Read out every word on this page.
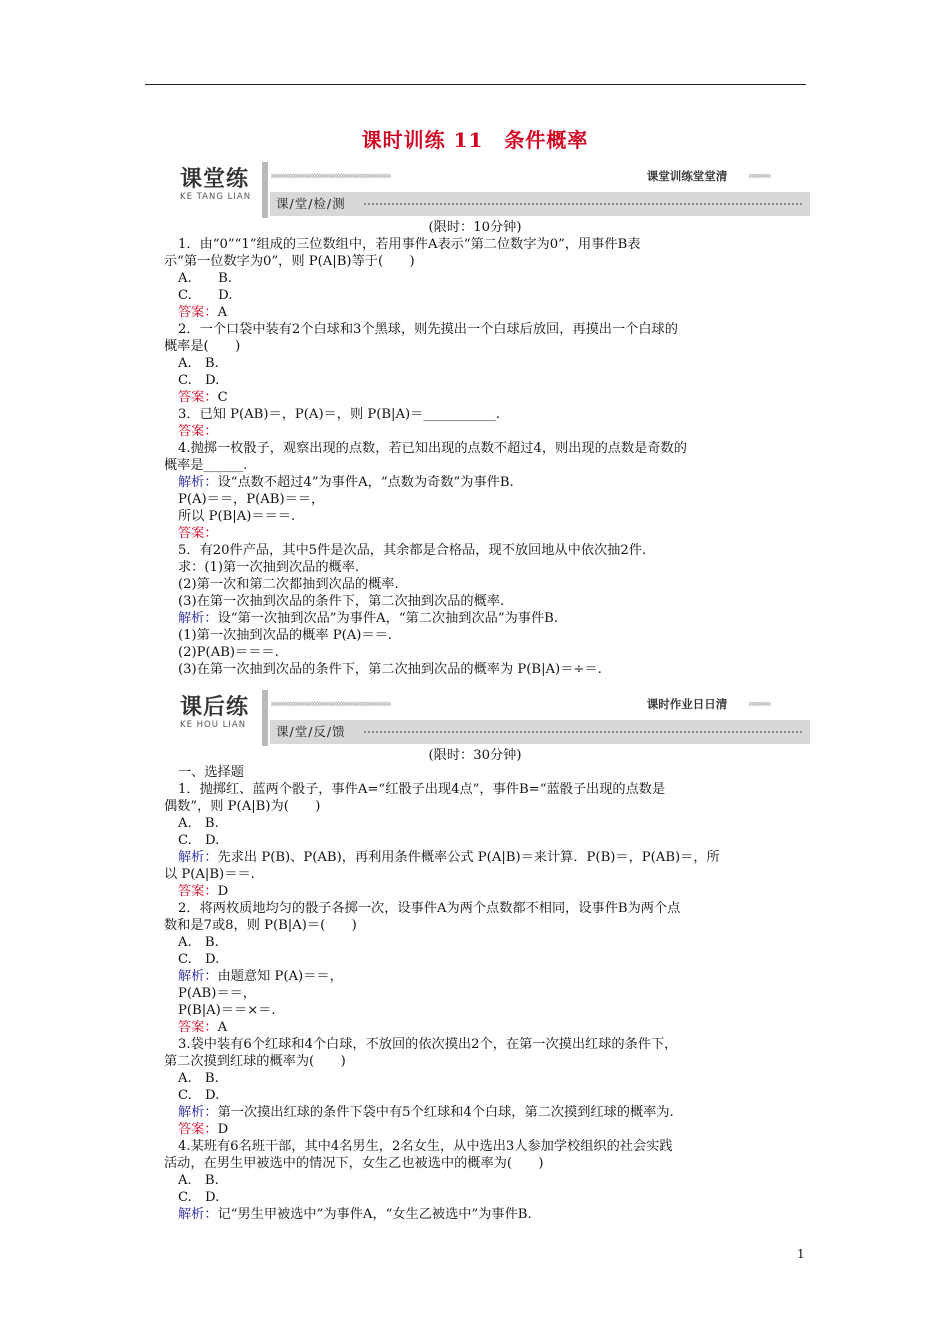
课时训练 11　条件概率
课堂练
KE TANG LIAN
››››››››››››››››››››››››››››››››››››››››››››››››››	课堂训练堂堂清	›››››››››
课/堂/检/测
课后练
KE HOU LIAN
››››››››››››››››››››››››››››››››››››››››››››››››››	课时作业日日清	›››››››››
课/堂/反/馈
(限时：10分钟)
1．由“0”“1”组成的三位数组中，若用事件A表示“第二位数字为0”，用事件B表
示“第一位数字为0”，则 P(A|B)等于(　　)
A.　　B.
C.　　D.
答案：A
2．一个口袋中装有2个白球和3个黑球，则先摸出一个白球后放回，再摸出一个白球的
概率是(　　)
A.　B.
C.　D.
答案：C
3．已知 P(AB)＝，P(A)＝，则 P(B|A)＝___________.
答案：
4.抛掷一枚骰子，观察出现的点数，若已知出现的点数不超过4，则出现的点数是奇数的
概率是______.
解析：设“点数不超过4”为事件A，“点数为奇数”为事件B.
P(A)＝＝，P(AB)＝＝，
所以 P(B|A)＝＝＝.
答案：
5．有20件产品，其中5件是次品，其余都是合格品，现不放回地从中依次抽2件.
求：(1)第一次抽到次品的概率.
(2)第一次和第二次都抽到次品的概率.
(3)在第一次抽到次品的条件下，第二次抽到次品的概率.
解析：设“第一次抽到次品”为事件A，“第二次抽到次品”为事件B.
(1)第一次抽到次品的概率 P(A)＝＝.
(2)P(AB)＝＝＝.
(3)在第一次抽到次品的条件下，第二次抽到次品的概率为 P(B|A)＝÷＝.
(限时：30分钟)
一、选择题
1．抛掷红、蓝两个骰子，事件A=“红骰子出现4点”，事件B=“蓝骰子出现的点数是
偶数”，则 P(A|B)为(　　)
A.　B.
C.　D.
解析：先求出 P(B)、P(AB)，再利用条件概率公式 P(A|B)＝来计算．P(B)＝，P(AB)＝，所
以 P(A|B)＝＝.
答案：D
2．将两枚质地均匀的骰子各掷一次，设事件A为两个点数都不相同，设事件B为两个点
数和是7或8，则 P(B|A)＝(　　)
A.　B.
C.　D.
解析：由题意知 P(A)＝＝，
P(AB)＝＝，
P(B|A)＝＝×＝.
答案：A
3.袋中装有6个红球和4个白球，不放回的依次摸出2个，在第一次摸出红球的条件下，
第二次摸到红球的概率为(　　)
A.　B.
C.　D.
解析：第一次摸出红球的条件下袋中有5个红球和4个白球，第二次摸到红球的概率为.
答案：D
4.某班有6名班干部，其中4名男生，2名女生，从中选出3人参加学校组织的社会实践
活动，在男生甲被选中的情况下，女生乙也被选中的概率为(　　)
A.　B.
C.　D.
解析：记“男生甲被选中”为事件A，“女生乙被选中”为事件B.
1
